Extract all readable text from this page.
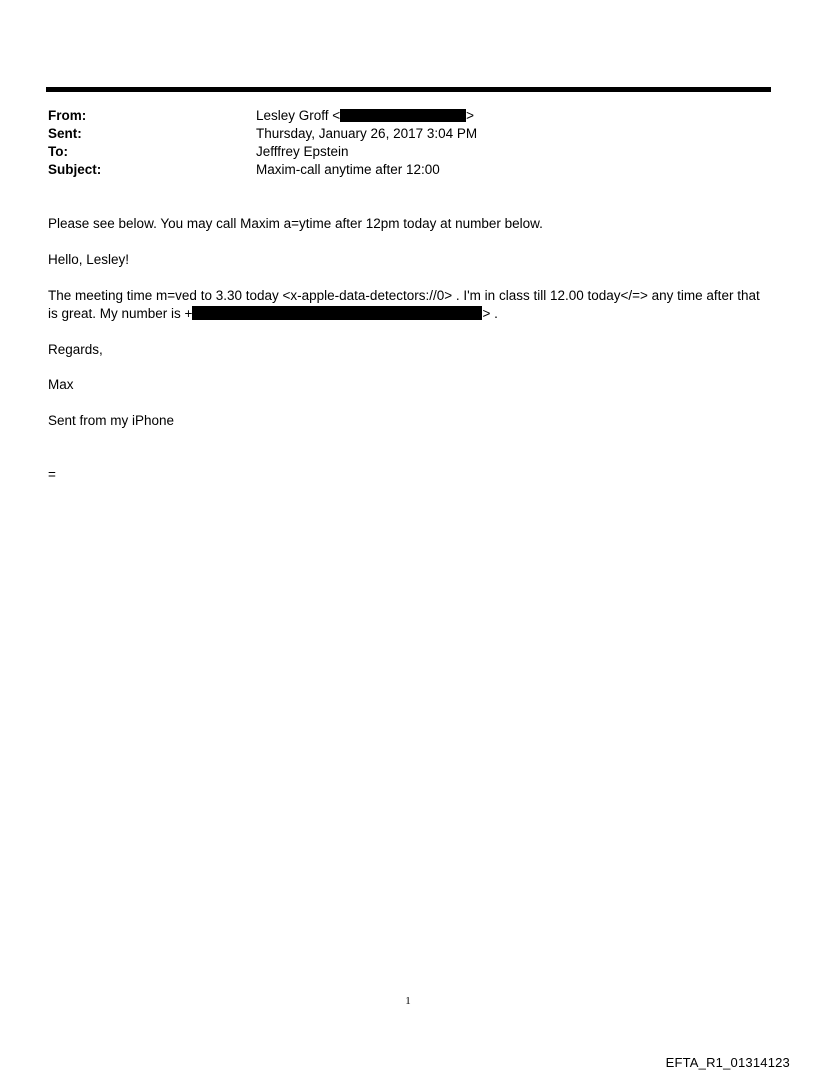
From:	Lesley Groff <	>
Sent:	Thursday, January 26, 2017 3:04 PM
To:	Jefffrey Epstein
Subject:	Maxim-call anytime after 12:00
Please see below. You may call Maxim a=ytime after 12pm today at number below.
Hello, Lesley!
The meeting time m=ved to 3.30 today <x-apple-data-detectors://0> . I'm in class till 12.00 today</=> any time after that
is great. My number is +	> .
Regards,
Max
Sent from my iPhone
=
1
EFTA_R1_01314123
